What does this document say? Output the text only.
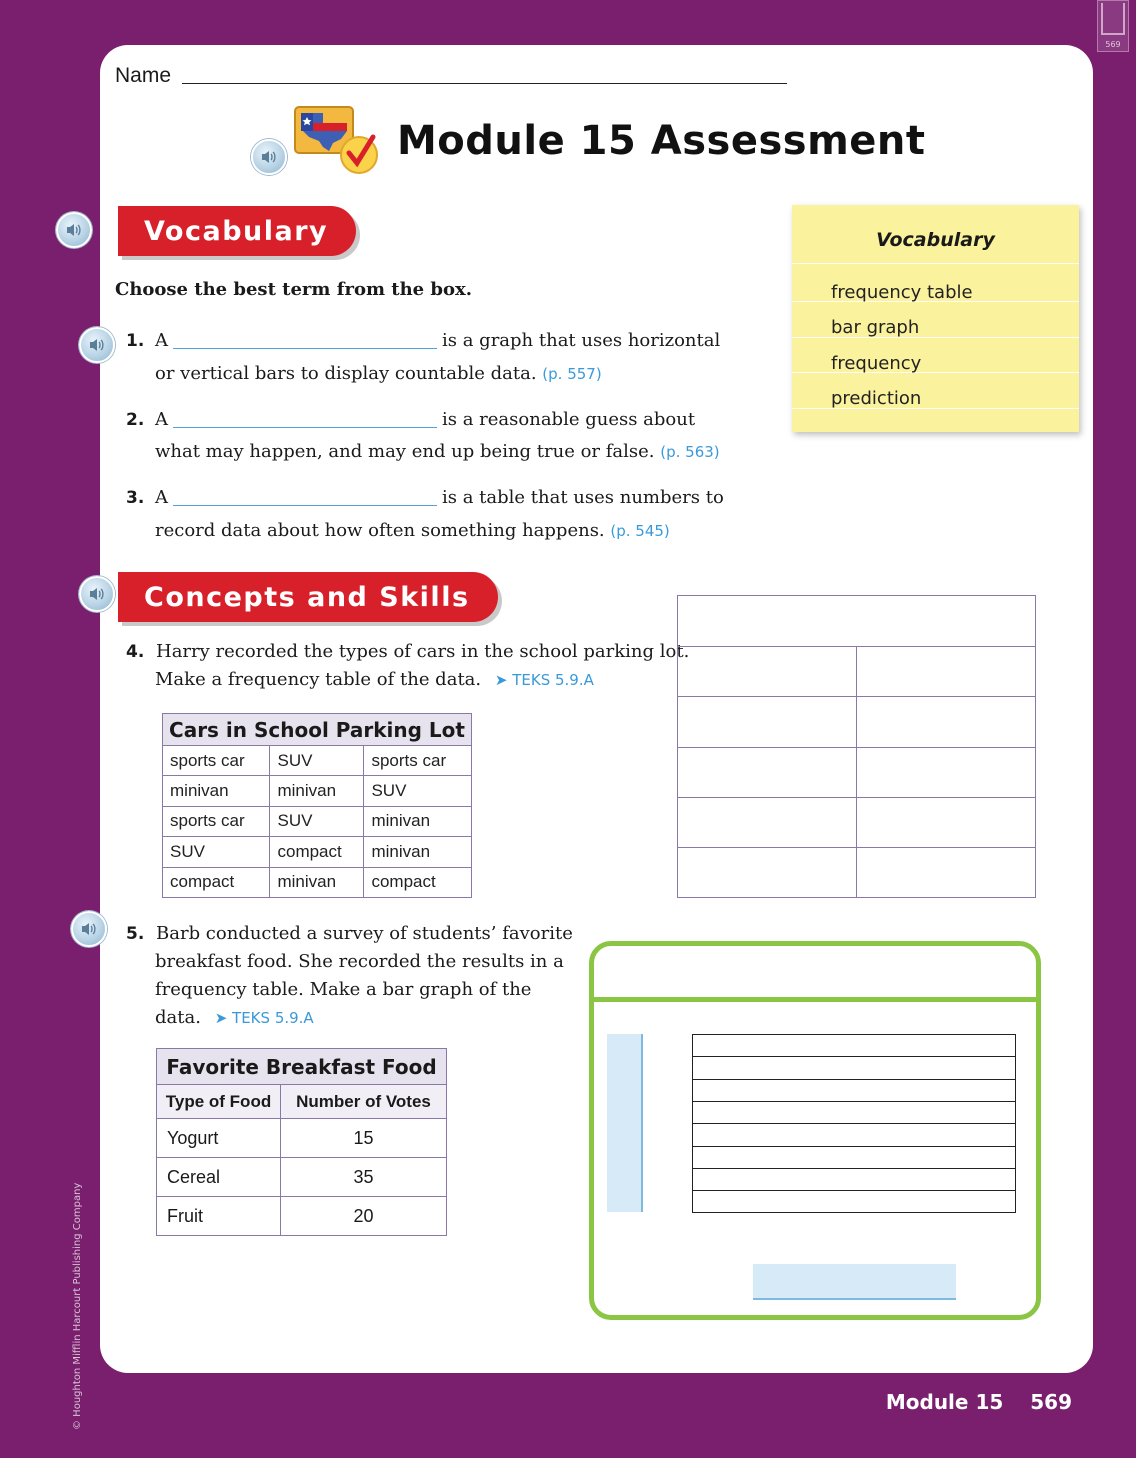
569
Name
Module 15 Assessment
Vocabulary
Choose the best term from the box.
1. A	is a graph that uses horizontal
or vertical bars to display countable data. (p. 557)
2. A	is a reasonable guess about
what may happen, and may end up being true or false. (p. 563)
3. A	is a table that uses numbers to
record data about how often something happens. (p. 545)
Vocabulary
frequency table
bar graph
frequency
prediction
Concepts and Skills
4. Harry recorded the types of cars in the school parking lot.
Make a frequency table of the data. ➤ TEKS 5.9.A
Cars in School Parking Lot		
sports car	SUV	sports car
minivan	minivan	SUV
sports car	SUV	minivan
SUV	compact	minivan
compact	minivan	compact
5. Barb conducted a survey of students’ favorite
breakfast food. She recorded the results in a
frequency table. Make a bar graph of the
data. ➤ TEKS 5.9.A
Favorite Breakfast Food	
Type of Food	Number of Votes
Yogurt	15
Cereal	35
Fruit	20
Module 15 569
© Houghton Mifflin Harcourt Publishing Company
